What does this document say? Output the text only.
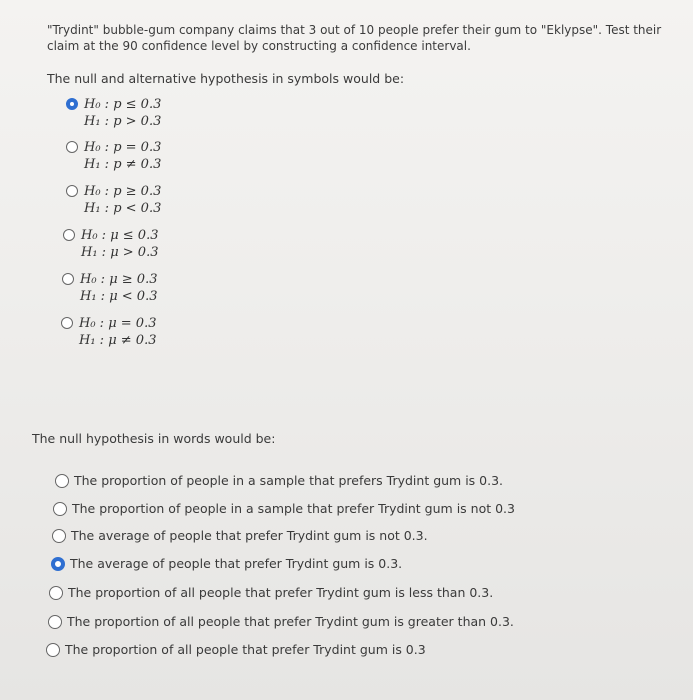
"Trydint" bubble-gum company claims that 3 out of 10 people prefer their gum to "Eklypse". Test their claim at the 90 confidence level by constructing a confidence interval.
The null and alternative hypothesis in symbols would be:
H₀ : p ≤ 0.3
H₁ : p > 0.3
H₀ : p = 0.3
H₁ : p ≠ 0.3
H₀ : p ≥ 0.3
H₁ : p < 0.3
H₀ : μ ≤ 0.3
H₁ : μ > 0.3
H₀ : μ ≥ 0.3
H₁ : μ < 0.3
H₀ : μ = 0.3
H₁ : μ ≠ 0.3
The null hypothesis in words would be:
The proportion of people in a sample that prefers Trydint gum is 0.3.
The proportion of people in a sample that prefer Trydint gum is not 0.3
The average of people that prefer Trydint gum is not 0.3.
The average of people that prefer Trydint gum is 0.3.
The proportion of all people that prefer Trydint gum is less than 0.3.
The proportion of all people that prefer Trydint gum is greater than 0.3.
The proportion of all people that prefer Trydint gum is 0.3
